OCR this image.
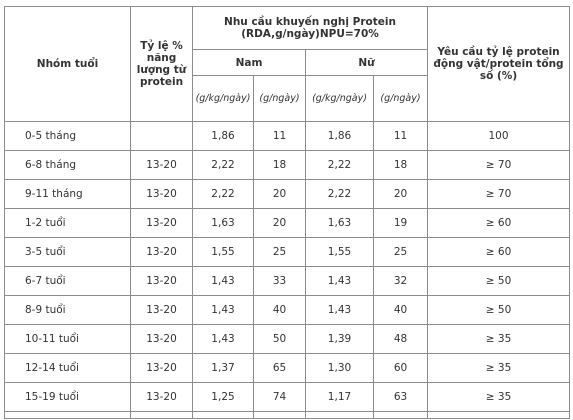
Nhóm tuổi	Tỷ lệ % năng lượng từ protein	Nhu cầu khuyến nghị Protein (RDA,g/ngày)NPU=70%				Yêu cầu tỷ lệ protein động vật/protein tổng số (%)
		Nam		Nữ		
		(g/kg/ngày)	(g/ngày)	(g/kg/ngày)	(g/ngày)	
0-5 tháng		1,86	11	1,86	11	100
6-8 tháng	13-20	2,22	18	2,22	18	≥ 70
9-11 tháng	13-20	2,22	20	2,22	20	≥ 70
1-2 tuổi	13-20	1,63	20	1,63	19	≥ 60
3-5 tuổi	13-20	1,55	25	1,55	25	≥ 60
6-7 tuổi	13-20	1,43	33	1,43	32	≥ 50
8-9 tuổi	13-20	1,43	40	1,43	40	≥ 50
10-11 tuổi	13-20	1,43	50	1,39	48	≥ 35
12-14 tuổi	13-20	1,37	65	1,30	60	≥ 35
15-19 tuổi	13-20	1,25	74	1,17	63	≥ 35
